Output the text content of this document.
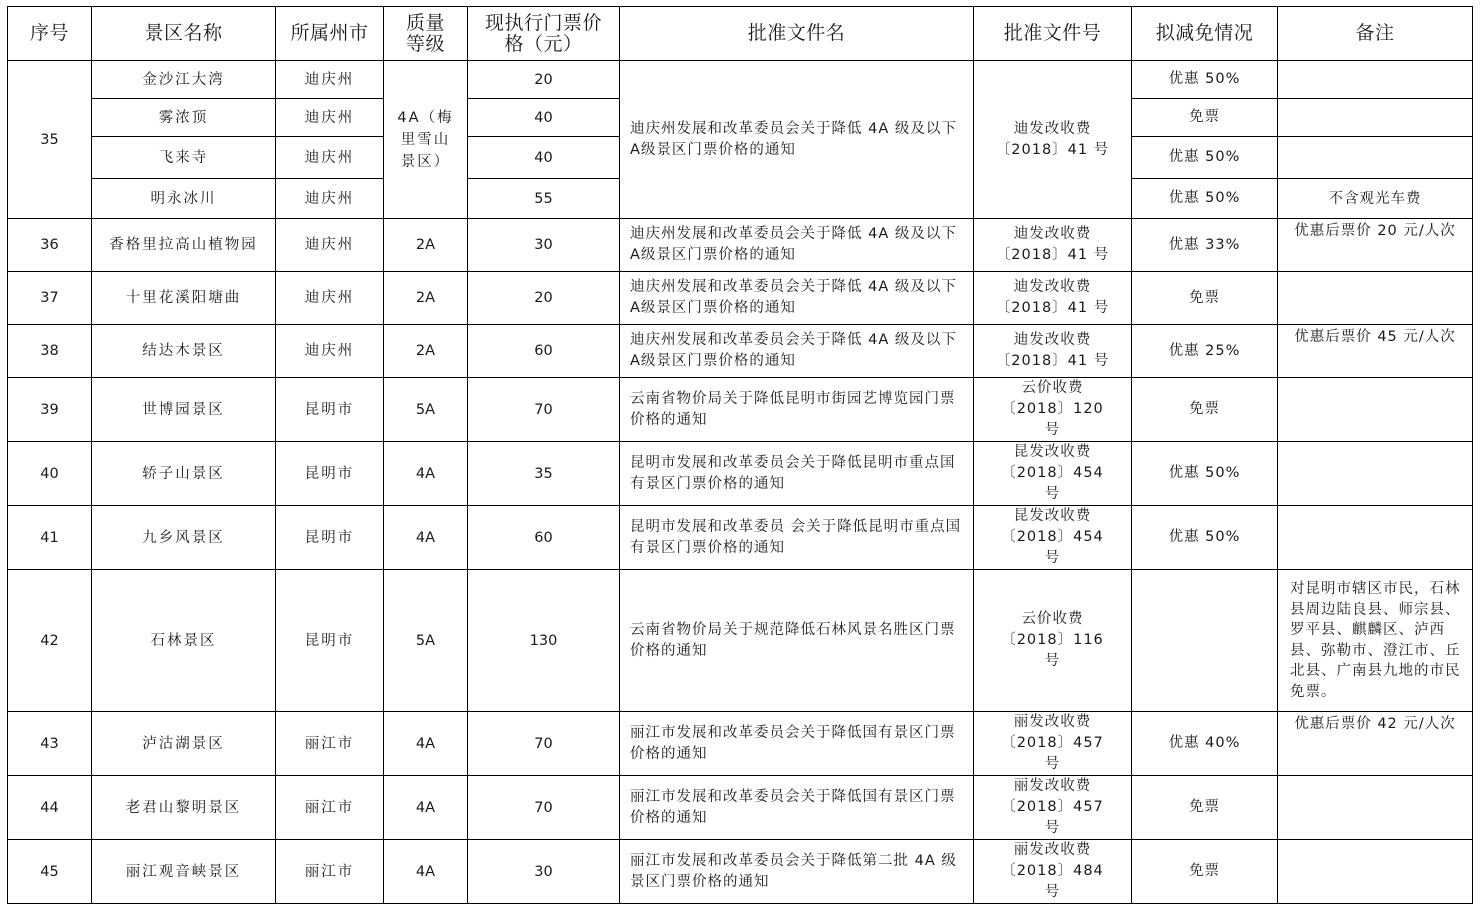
序号	景区名称	所属州市	质量等级	现执行门票价格（元）	批准文件名	批准文件号	拟减免情况	备注
35	金沙江大湾	迪庆州	4A（梅里雪山景区）	20	迪庆州发展和改革委员会关于降低 4A 级及以下 A级景区门票价格的通知	迪发改收费〔2018〕41 号	优惠 50%	
	雾浓顶	迪庆州		40			免票	
	飞来寺	迪庆州		40			优惠 50%	
	明永冰川	迪庆州		55			优惠 50%	不含观光车费
36	香格里拉高山植物园	迪庆州	2A	30	迪庆州发展和改革委员会关于降低 4A 级及以下 A级景区门票价格的通知	迪发改收费〔2018〕41 号	优惠 33%	优惠后票价 20 元/人次
37	十里花溪阳塘曲	迪庆州	2A	20	迪庆州发展和改革委员会关于降低 4A 级及以下 A级景区门票价格的通知	迪发改收费〔2018〕41 号	免票	
38	结达木景区	迪庆州	2A	60	迪庆州发展和改革委员会关于降低 4A 级及以下 A级景区门票价格的通知	迪发改收费〔2018〕41 号	优惠 25%	优惠后票价 45 元/人次
39	世博园景区	昆明市	5A	70	云南省物价局关于降低昆明市街园艺博览园门票价格的通知	云价收费〔2018〕120 号	免票	
40	轿子山景区	昆明市	4A	35	昆明市发展和改革委员会关于降低昆明市重点国有景区门票价格的通知	昆发改收费〔2018〕454 号	优惠 50%	
41	九乡风景区	昆明市	4A	60	昆明市发展和改革委员 会关于降低昆明市重点国有景区门票价格的通知	昆发改收费〔2018〕454 号	优惠 50%	
42	石林景区	昆明市	5A	130	云南省物价局关于规范降低石林风景名胜区门票价格的通知	云价收费〔2018〕116 号		对昆明市辖区市民，石林县周边陆良县、师宗县、罗平县、麒麟区、泸西县、弥勒市、澄江市、丘北县、广南县九地的市民免票。
43	泸沽湖景区	丽江市	4A	70	丽江市发展和改革委员会关于降低国有景区门票价格的通知	丽发改收费〔2018〕457 号	优惠 40%	优惠后票价 42 元/人次
44	老君山黎明景区	丽江市	4A	70	丽江市发展和改革委员会关于降低国有景区门票价格的通知	丽发改收费〔2018〕457 号	免票	
45	丽江观音峡景区	丽江市	4A	30	丽江市发展和改革委员会关于降低第二批 4A 级景区门票价格的通知	丽发改收费〔2018〕484 号	免票	
